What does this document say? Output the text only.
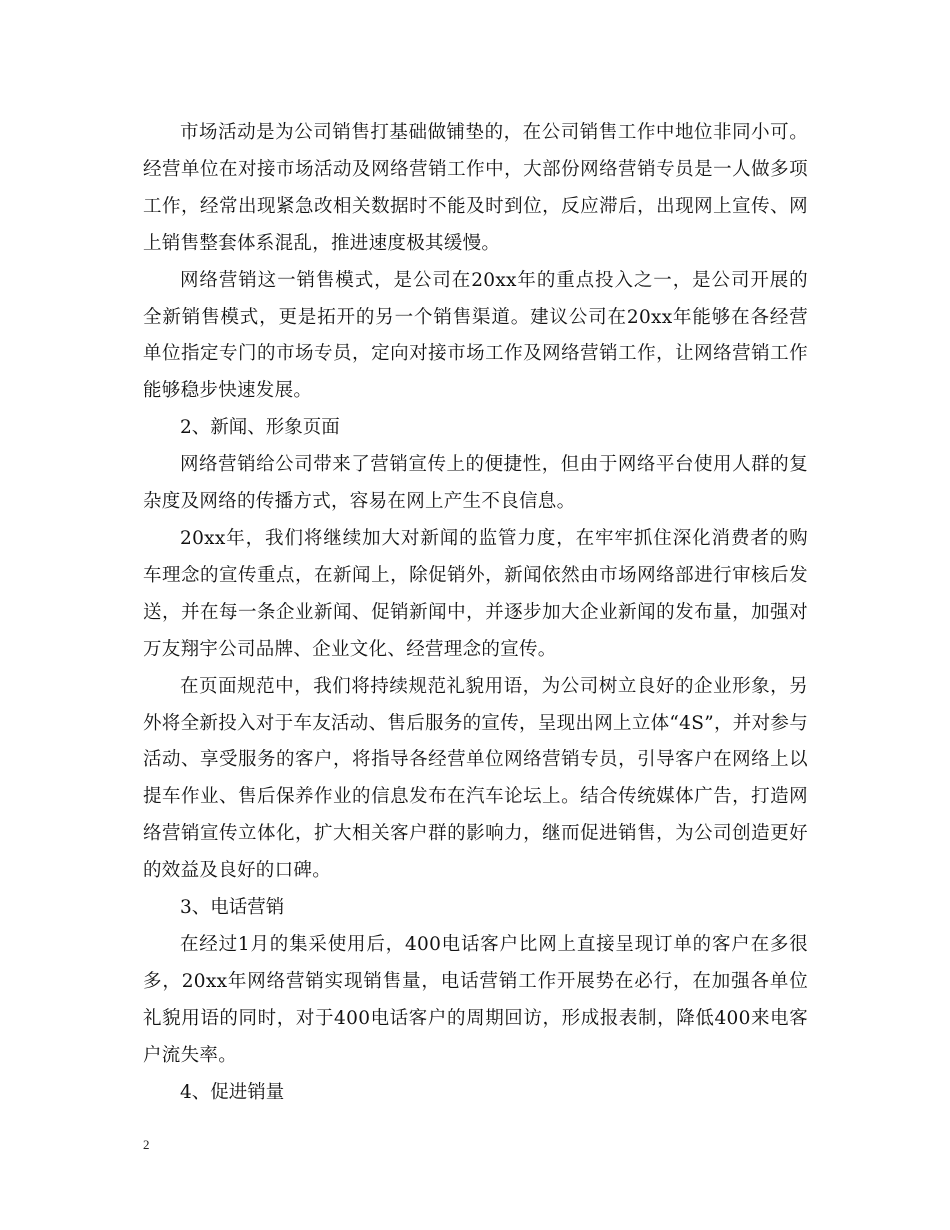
市场活动是为公司销售打基础做铺垫的，在公司销售工作中地位非同小可。经营单位在对接市场活动及网络营销工作中，大部份网络营销专员是一人做多项工作，经常出现紧急改相关数据时不能及时到位，反应滞后，出现网上宣传、网上销售整套体系混乱，推进速度极其缓慢。

网络营销这一销售模式，是公司在20xx年的重点投入之一，是公司开展的全新销售模式，更是拓开的另一个销售渠道。建议公司在20xx年能够在各经营单位指定专门的市场专员，定向对接市场工作及网络营销工作，让网络营销工作能够稳步快速发展。

2、新闻、形象页面

网络营销给公司带来了营销宣传上的便捷性，但由于网络平台使用人群的复杂度及网络的传播方式，容易在网上产生不良信息。

20xx年，我们将继续加大对新闻的监管力度，在牢牢抓住深化消费者的购车理念的宣传重点，在新闻上，除促销外，新闻依然由市场网络部进行审核后发送，并在每一条企业新闻、促销新闻中，并逐步加大企业新闻的发布量，加强对万友翔宇公司品牌、企业文化、经营理念的宣传。

在页面规范中，我们将持续规范礼貌用语，为公司树立良好的企业形象，另外将全新投入对于车友活动、售后服务的宣传，呈现出网上立体“4S”，并对参与活动、享受服务的客户，将指导各经营单位网络营销专员，引导客户在网络上以提车作业、售后保养作业的信息发布在汽车论坛上。结合传统媒体广告，打造网络营销宣传立体化，扩大相关客户群的影响力，继而促进销售，为公司创造更好的效益及良好的口碑。

3、电话营销

在经过1月的集采使用后，400电话客户比网上直接呈现订单的客户在多很多，20xx年网络营销实现销售量，电话营销工作开展势在必行，在加强各单位礼貌用语的同时，对于400电话客户的周期回访，形成报表制，降低400来电客户流失率。

4、促进销量

2
